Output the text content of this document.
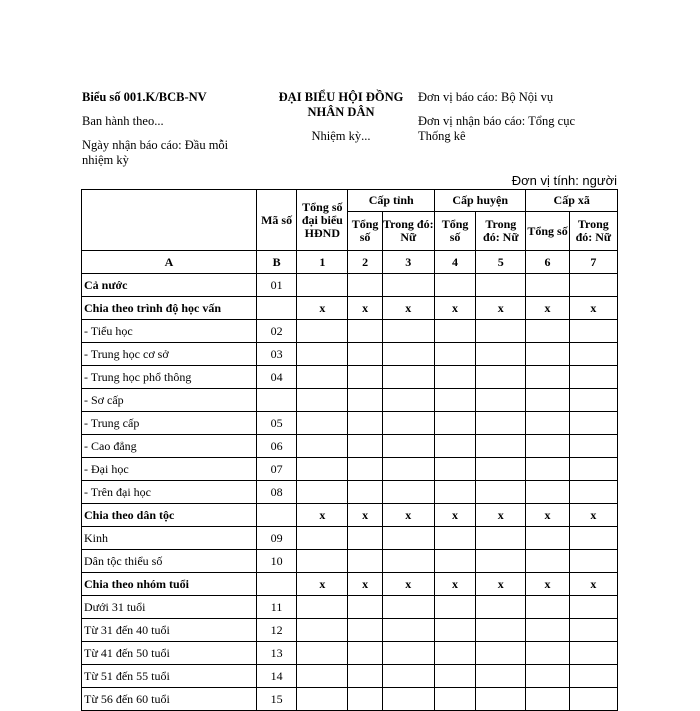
Biểu số 001.K/BCB-NV
Ban hành theo...
Ngày nhận báo cáo: Đầu mỗi nhiệm kỳ
ĐẠI BIỂU HỘI ĐỒNG NHÂN DÂN
Nhiệm kỳ...
Đơn vị báo cáo: Bộ Nội vụ
Đơn vị nhận báo cáo: Tổng cục Thống kê
Đơn vị tính: người
	Mã số	Tổng số đại biểu HĐND	Cấp tỉnh		Cấp huyện		Cấp xã	
			Tổng số	Trong đó: Nữ	Tổng số	Trong đó: Nữ	Tổng số	Trong đó: Nữ
A	B	1	2	3	4	5	6	7
Cả nước	01							
Chia theo trình độ học vấn		x	x	x	x	x	x	x
- Tiểu học	02							
- Trung học cơ sở	03							
- Trung học phổ thông	04							
- Sơ cấp								
- Trung cấp	05							
- Cao đẳng	06							
- Đại học	07							
- Trên đại học	08							
Chia theo dân tộc		x	x	x	x	x	x	x
Kinh	09							
Dân tộc thiểu số	10							
Chia theo nhóm tuổi		x	x	x	x	x	x	x
Dưới 31 tuổi	11							
Từ 31 đến 40 tuổi	12							
Từ 41 đến 50 tuổi	13							
Từ 51 đến 55 tuổi	14							
Từ 56 đến 60 tuổi	15							
